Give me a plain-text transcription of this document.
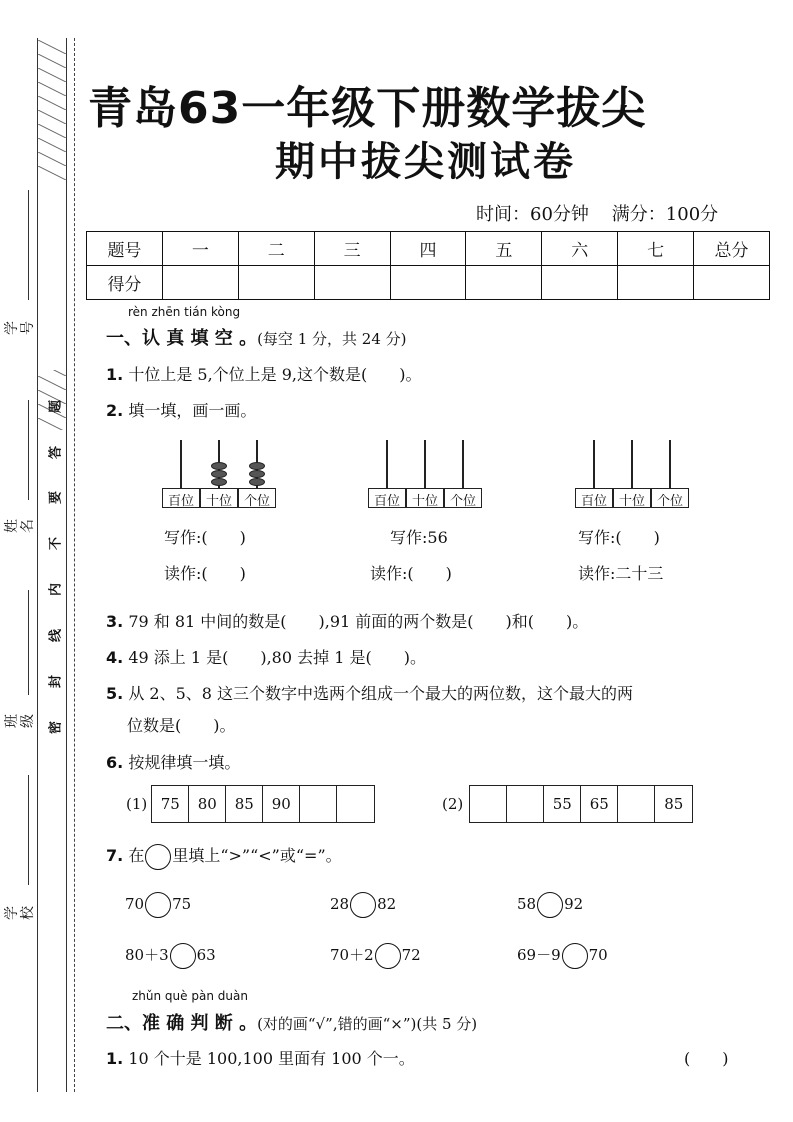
学号
姓名
班级
学校
题
答
要
不
内
线
封
密
青岛63一年级下册数学拔尖
期中拔尖测试卷
时间：60分钟 满分：100分
题号	一	二	三	四	五	六	七	总分
得分								
rèn zhēn tián kòng
一、认 真 填 空 。(每空 1 分，共 24 分)
1. 十位上是 5,个位上是 9,这个数是(　　)。
2. 填一填，画一画。
百位 十位 个位	百位 十位 个位	百位 十位 个位
写作:(　　)
读作:(　　)
写作:56
读作:(　　)
写作:(　　)
读作:二十三
3. 79 和 81 中间的数是(　　),91 前面的两个数是(　　)和(　　)。
4. 49 添上 1 是(　　),80 去掉 1 是(　　)。
5. 从 2、5、8 这三个数字中选两个组成一个最大的两位数，这个最大的两
位数是(　　)。
6. 按规律填一填。
(1) 75	80	85	90	(2)	55	65	85
7. 在 里填上“>”“<”或“=”。
70 75	28 82	58 92
80＋3 63	70＋2 72	69－9 70
zhǔn què pàn duàn
二、准 确 判 断 。(对的画“√”,错的画“×”)(共 5 分)
1. 10 个十是 100,100 里面有 100 个一。	(　　)
